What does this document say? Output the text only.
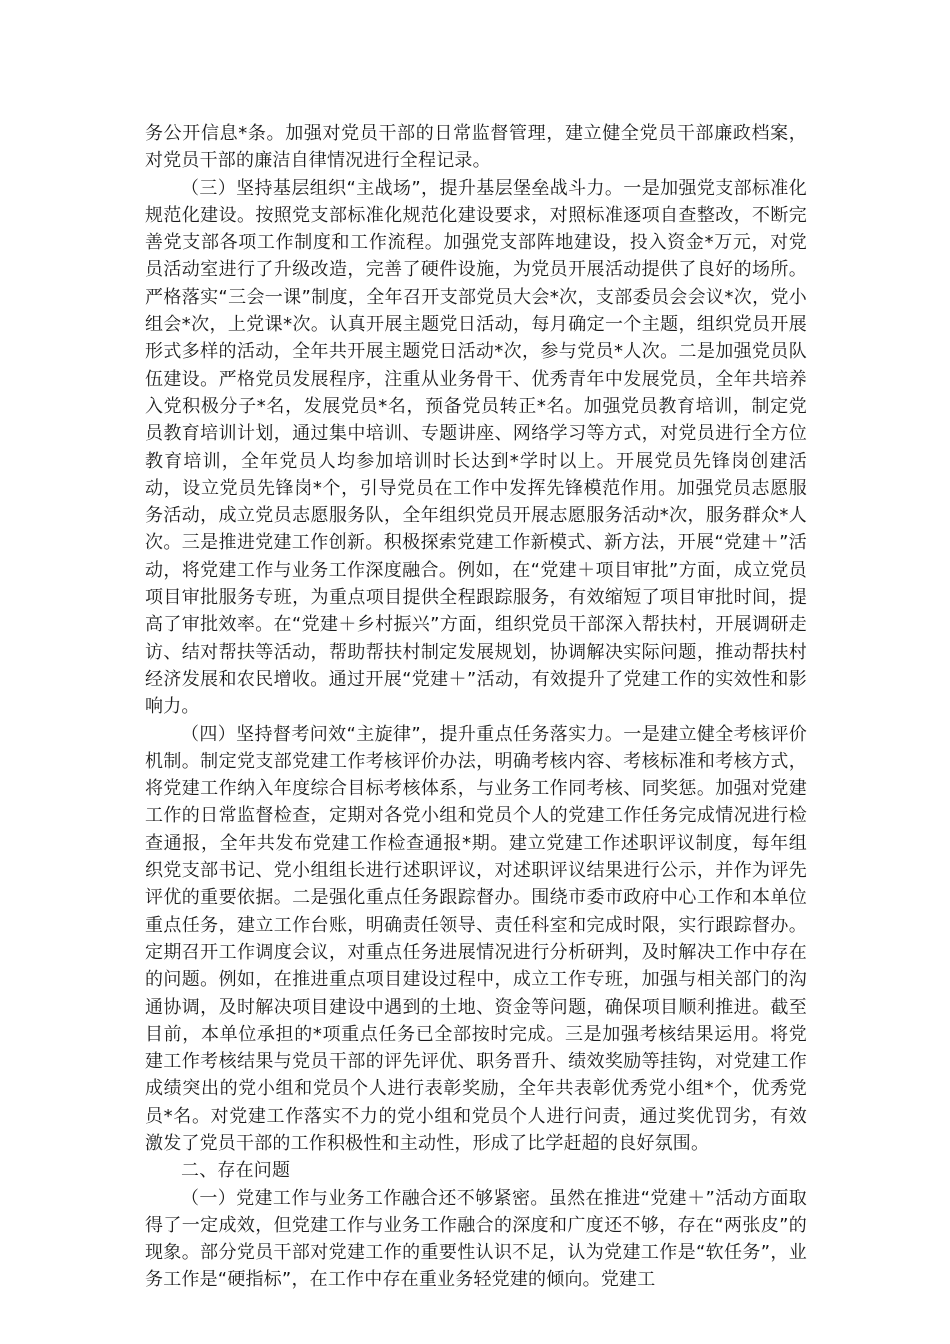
务公开信息*条。加强对党员干部的日常监督管理，建立健全党员干部廉政档案，对党员干部的廉洁自律情况进行全程记录。

（三）坚持基层组织“主战场”，提升基层堡垒战斗力。一是加强党支部标准化规范化建设。按照党支部标准化规范化建设要求，对照标准逐项自查整改，不断完善党支部各项工作制度和工作流程。加强党支部阵地建设，投入资金*万元，对党员活动室进行了升级改造，完善了硬件设施，为党员开展活动提供了良好的场所。严格落实“三会一课”制度，全年召开支部党员大会*次，支部委员会会议*次，党小组会*次，上党课*次。认真开展主题党日活动，每月确定一个主题，组织党员开展形式多样的活动，全年共开展主题党日活动*次，参与党员*人次。二是加强党员队伍建设。严格党员发展程序，注重从业务骨干、优秀青年中发展党员，全年共培养入党积极分子*名，发展党员*名，预备党员转正*名。加强党员教育培训，制定党员教育培训计划，通过集中培训、专题讲座、网络学习等方式，对党员进行全方位教育培训，全年党员人均参加培训时长达到*学时以上。开展党员先锋岗创建活动，设立党员先锋岗*个，引导党员在工作中发挥先锋模范作用。加强党员志愿服务活动，成立党员志愿服务队，全年组织党员开展志愿服务活动*次，服务群众*人次。三是推进党建工作创新。积极探索党建工作新模式、新方法，开展“党建＋”活动，将党建工作与业务工作深度融合。例如，在“党建＋项目审批”方面，成立党员项目审批服务专班，为重点项目提供全程跟踪服务，有效缩短了项目审批时间，提高了审批效率。在“党建＋乡村振兴”方面，组织党员干部深入帮扶村，开展调研走访、结对帮扶等活动，帮助帮扶村制定发展规划，协调解决实际问题，推动帮扶村经济发展和农民增收。通过开展“党建＋”活动，有效提升了党建工作的实效性和影响力。

（四）坚持督考问效“主旋律”，提升重点任务落实力。一是建立健全考核评价机制。制定党支部党建工作考核评价办法，明确考核内容、考核标准和考核方式，将党建工作纳入年度综合目标考核体系，与业务工作同考核、同奖惩。加强对党建工作的日常监督检查，定期对各党小组和党员个人的党建工作任务完成情况进行检查通报，全年共发布党建工作检查通报*期。建立党建工作述职评议制度，每年组织党支部书记、党小组组长进行述职评议，对述职评议结果进行公示，并作为评先评优的重要依据。二是强化重点任务跟踪督办。围绕市委市政府中心工作和本单位重点任务，建立工作台账，明确责任领导、责任科室和完成时限，实行跟踪督办。定期召开工作调度会议，对重点任务进展情况进行分析研判，及时解决工作中存在的问题。例如，在推进重点项目建设过程中，成立工作专班，加强与相关部门的沟通协调，及时解决项目建设中遇到的土地、资金等问题，确保项目顺利推进。截至目前，本单位承担的*项重点任务已全部按时完成。三是加强考核结果运用。将党建工作考核结果与党员干部的评先评优、职务晋升、绩效奖励等挂钩，对党建工作成绩突出的党小组和党员个人进行表彰奖励，全年共表彰优秀党小组*个，优秀党员*名。对党建工作落实不力的党小组和党员个人进行问责，通过奖优罚劣，有效激发了党员干部的工作积极性和主动性，形成了比学赶超的良好氛围。

二、存在问题

（一）党建工作与业务工作融合还不够紧密。虽然在推进“党建＋”活动方面取得了一定成效，但党建工作与业务工作融合的深度和广度还不够，存在“两张皮”的现象。部分党员干部对党建工作的重要性认识不足，认为党建工作是“软任务”，业务工作是“硬指标”，在工作中存在重业务轻党建的倾向。党建工
